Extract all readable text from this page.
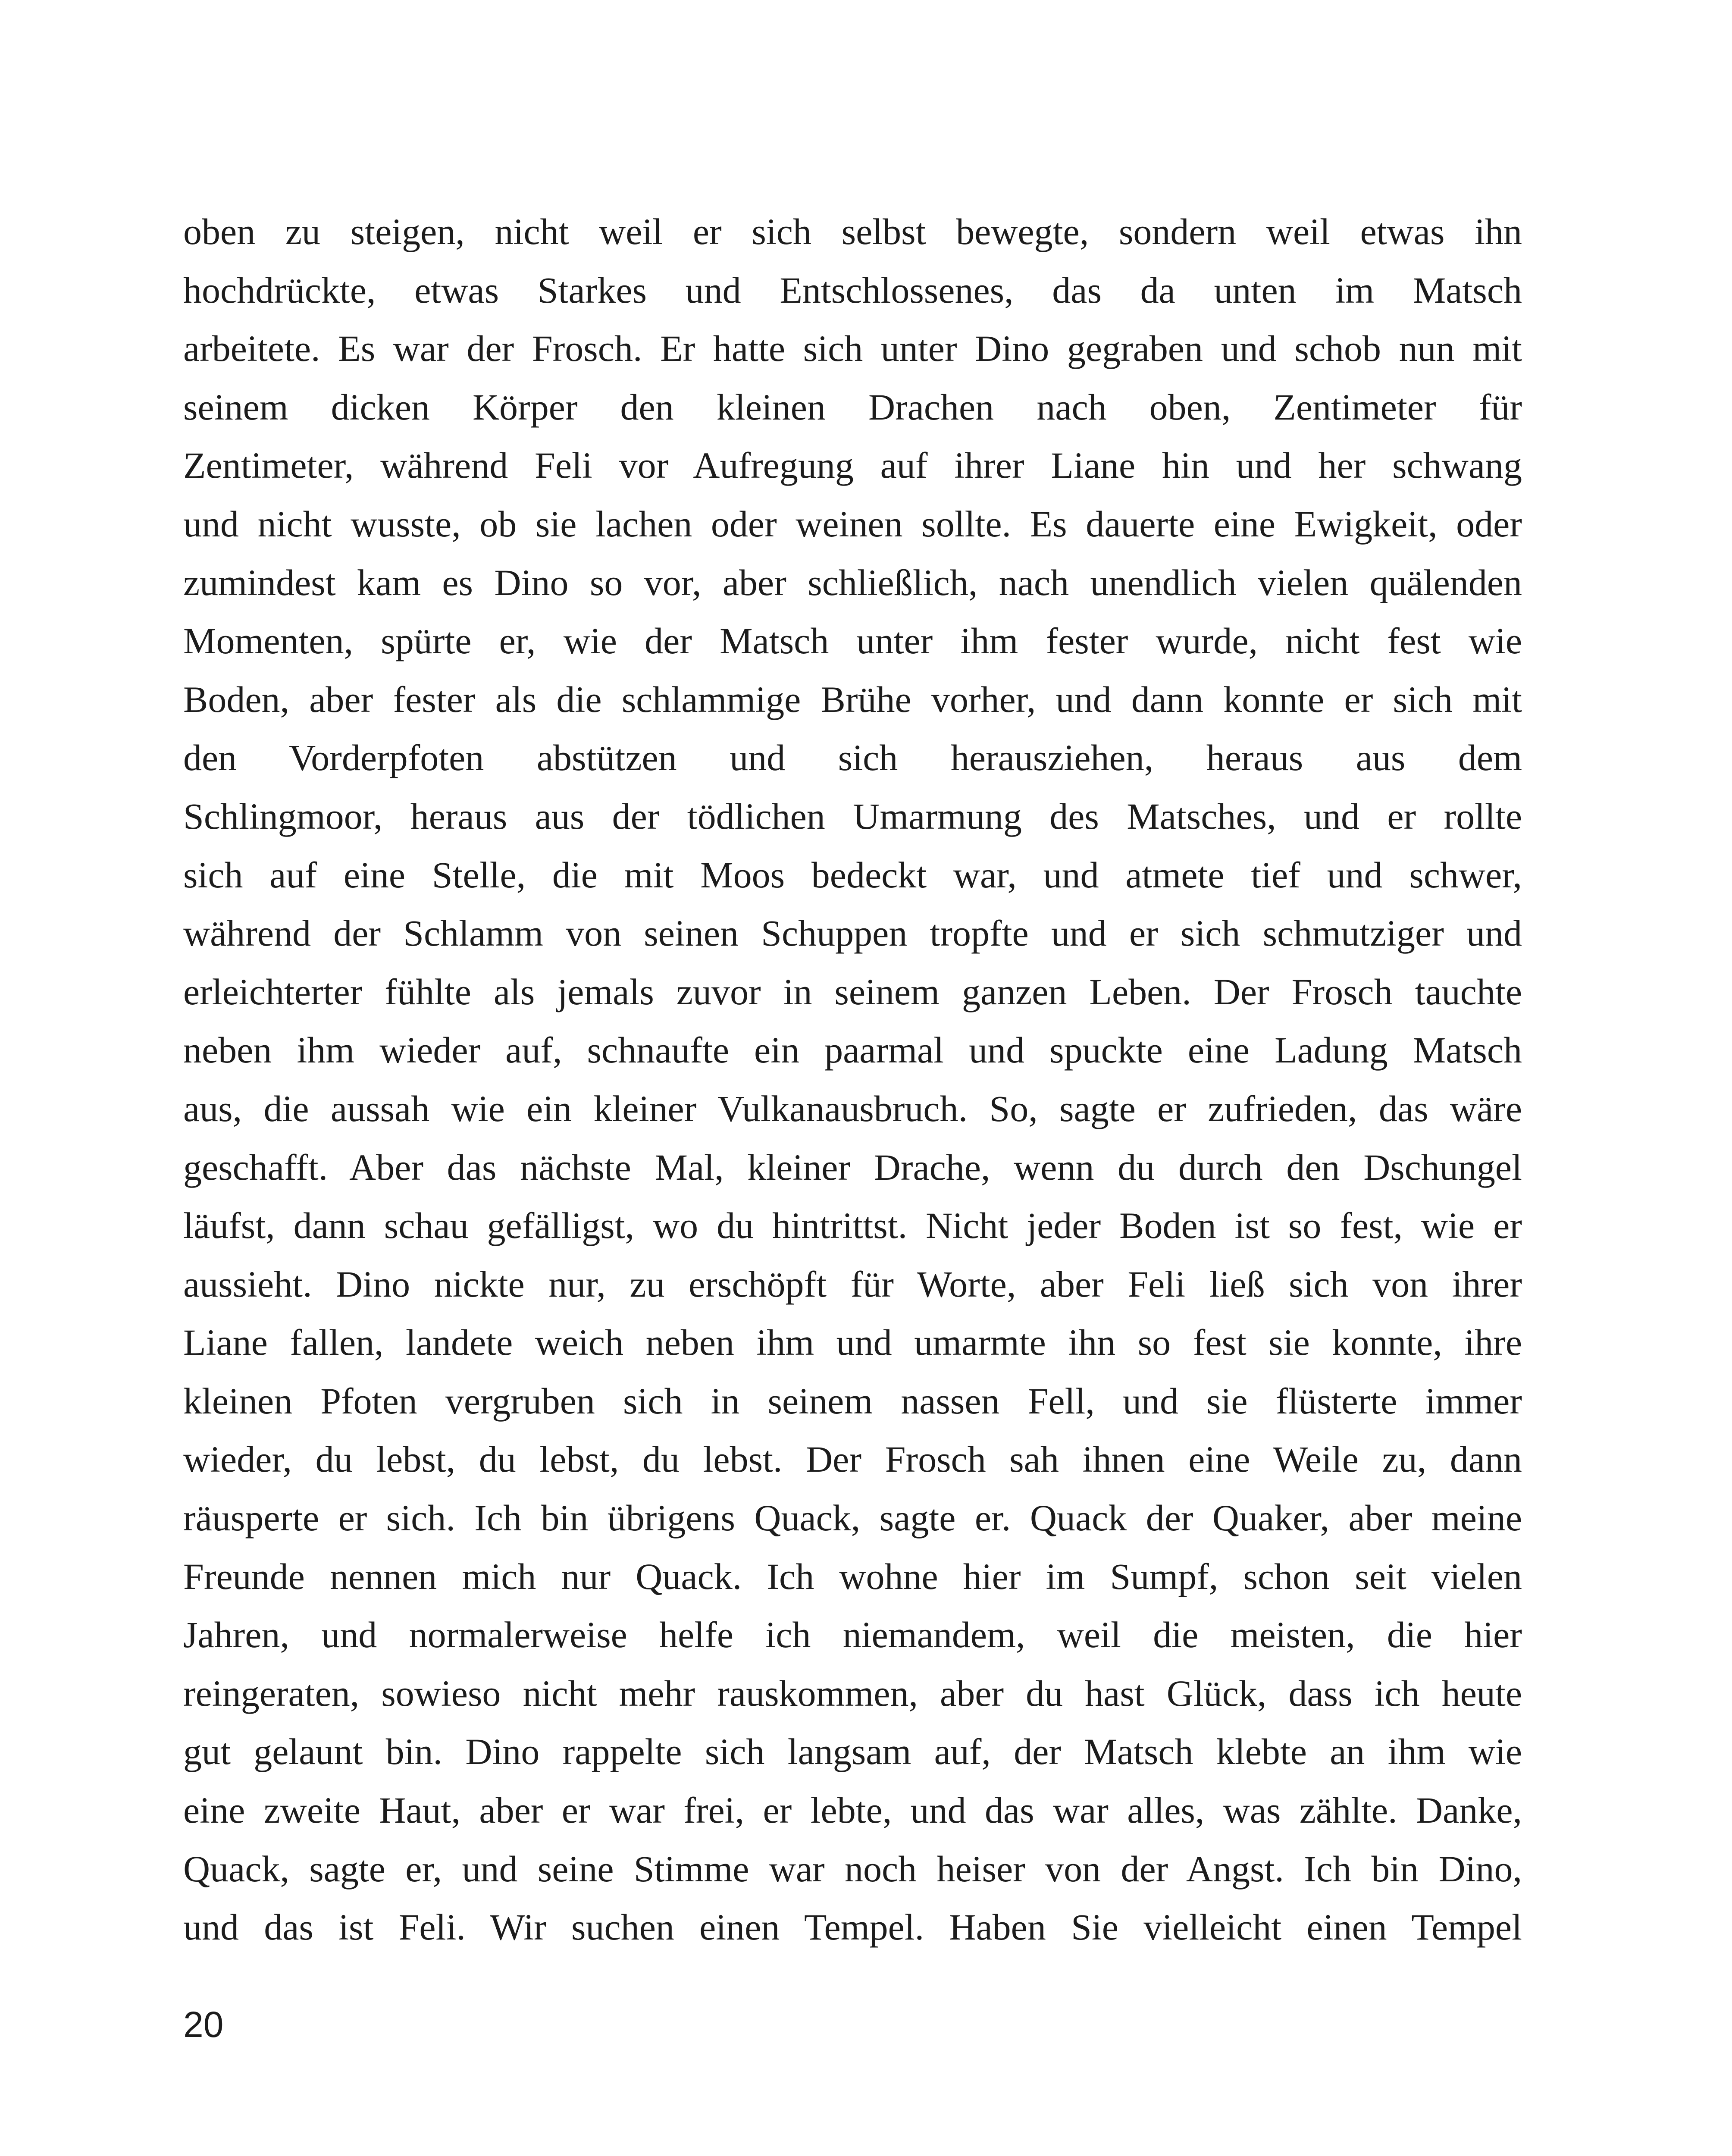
oben zu steigen, nicht weil er sich selbst bewegte, sondern weil etwas ihn
hochdrückte, etwas Starkes und Entschlossenes, das da unten im Matsch
arbeitete. Es war der Frosch. Er hatte sich unter Dino gegraben und schob nun mit
seinem dicken Körper den kleinen Drachen nach oben, Zentimeter für
Zentimeter, während Feli vor Aufregung auf ihrer Liane hin und her schwang
und nicht wusste, ob sie lachen oder weinen sollte. Es dauerte eine Ewigkeit, oder
zumindest kam es Dino so vor, aber schließlich, nach unendlich vielen quälenden
Momenten, spürte er, wie der Matsch unter ihm fester wurde, nicht fest wie
Boden, aber fester als die schlammige Brühe vorher, und dann konnte er sich mit
den Vorderpfoten abstützen und sich herausziehen, heraus aus dem
Schlingmoor, heraus aus der tödlichen Umarmung des Matsches, und er rollte
sich auf eine Stelle, die mit Moos bedeckt war, und atmete tief und schwer,
während der Schlamm von seinen Schuppen tropfte und er sich schmutziger und
erleichterter fühlte als jemals zuvor in seinem ganzen Leben. Der Frosch tauchte
neben ihm wieder auf, schnaufte ein paarmal und spuckte eine Ladung Matsch
aus, die aussah wie ein kleiner Vulkanausbruch. So, sagte er zufrieden, das wäre
geschafft. Aber das nächste Mal, kleiner Drache, wenn du durch den Dschungel
läufst, dann schau gefälligst, wo du hintrittst. Nicht jeder Boden ist so fest, wie er
aussieht. Dino nickte nur, zu erschöpft für Worte, aber Feli ließ sich von ihrer
Liane fallen, landete weich neben ihm und umarmte ihn so fest sie konnte, ihre
kleinen Pfoten vergruben sich in seinem nassen Fell, und sie flüsterte immer
wieder, du lebst, du lebst, du lebst. Der Frosch sah ihnen eine Weile zu, dann
räusperte er sich. Ich bin übrigens Quack, sagte er. Quack der Quaker, aber meine
Freunde nennen mich nur Quack. Ich wohne hier im Sumpf, schon seit vielen
Jahren, und normalerweise helfe ich niemandem, weil die meisten, die hier
reingeraten, sowieso nicht mehr rauskommen, aber du hast Glück, dass ich heute
gut gelaunt bin. Dino rappelte sich langsam auf, der Matsch klebte an ihm wie
eine zweite Haut, aber er war frei, er lebte, und das war alles, was zählte. Danke,
Quack, sagte er, und seine Stimme war noch heiser von der Angst. Ich bin Dino,
und das ist Feli. Wir suchen einen Tempel. Haben Sie vielleicht einen Tempel
20
